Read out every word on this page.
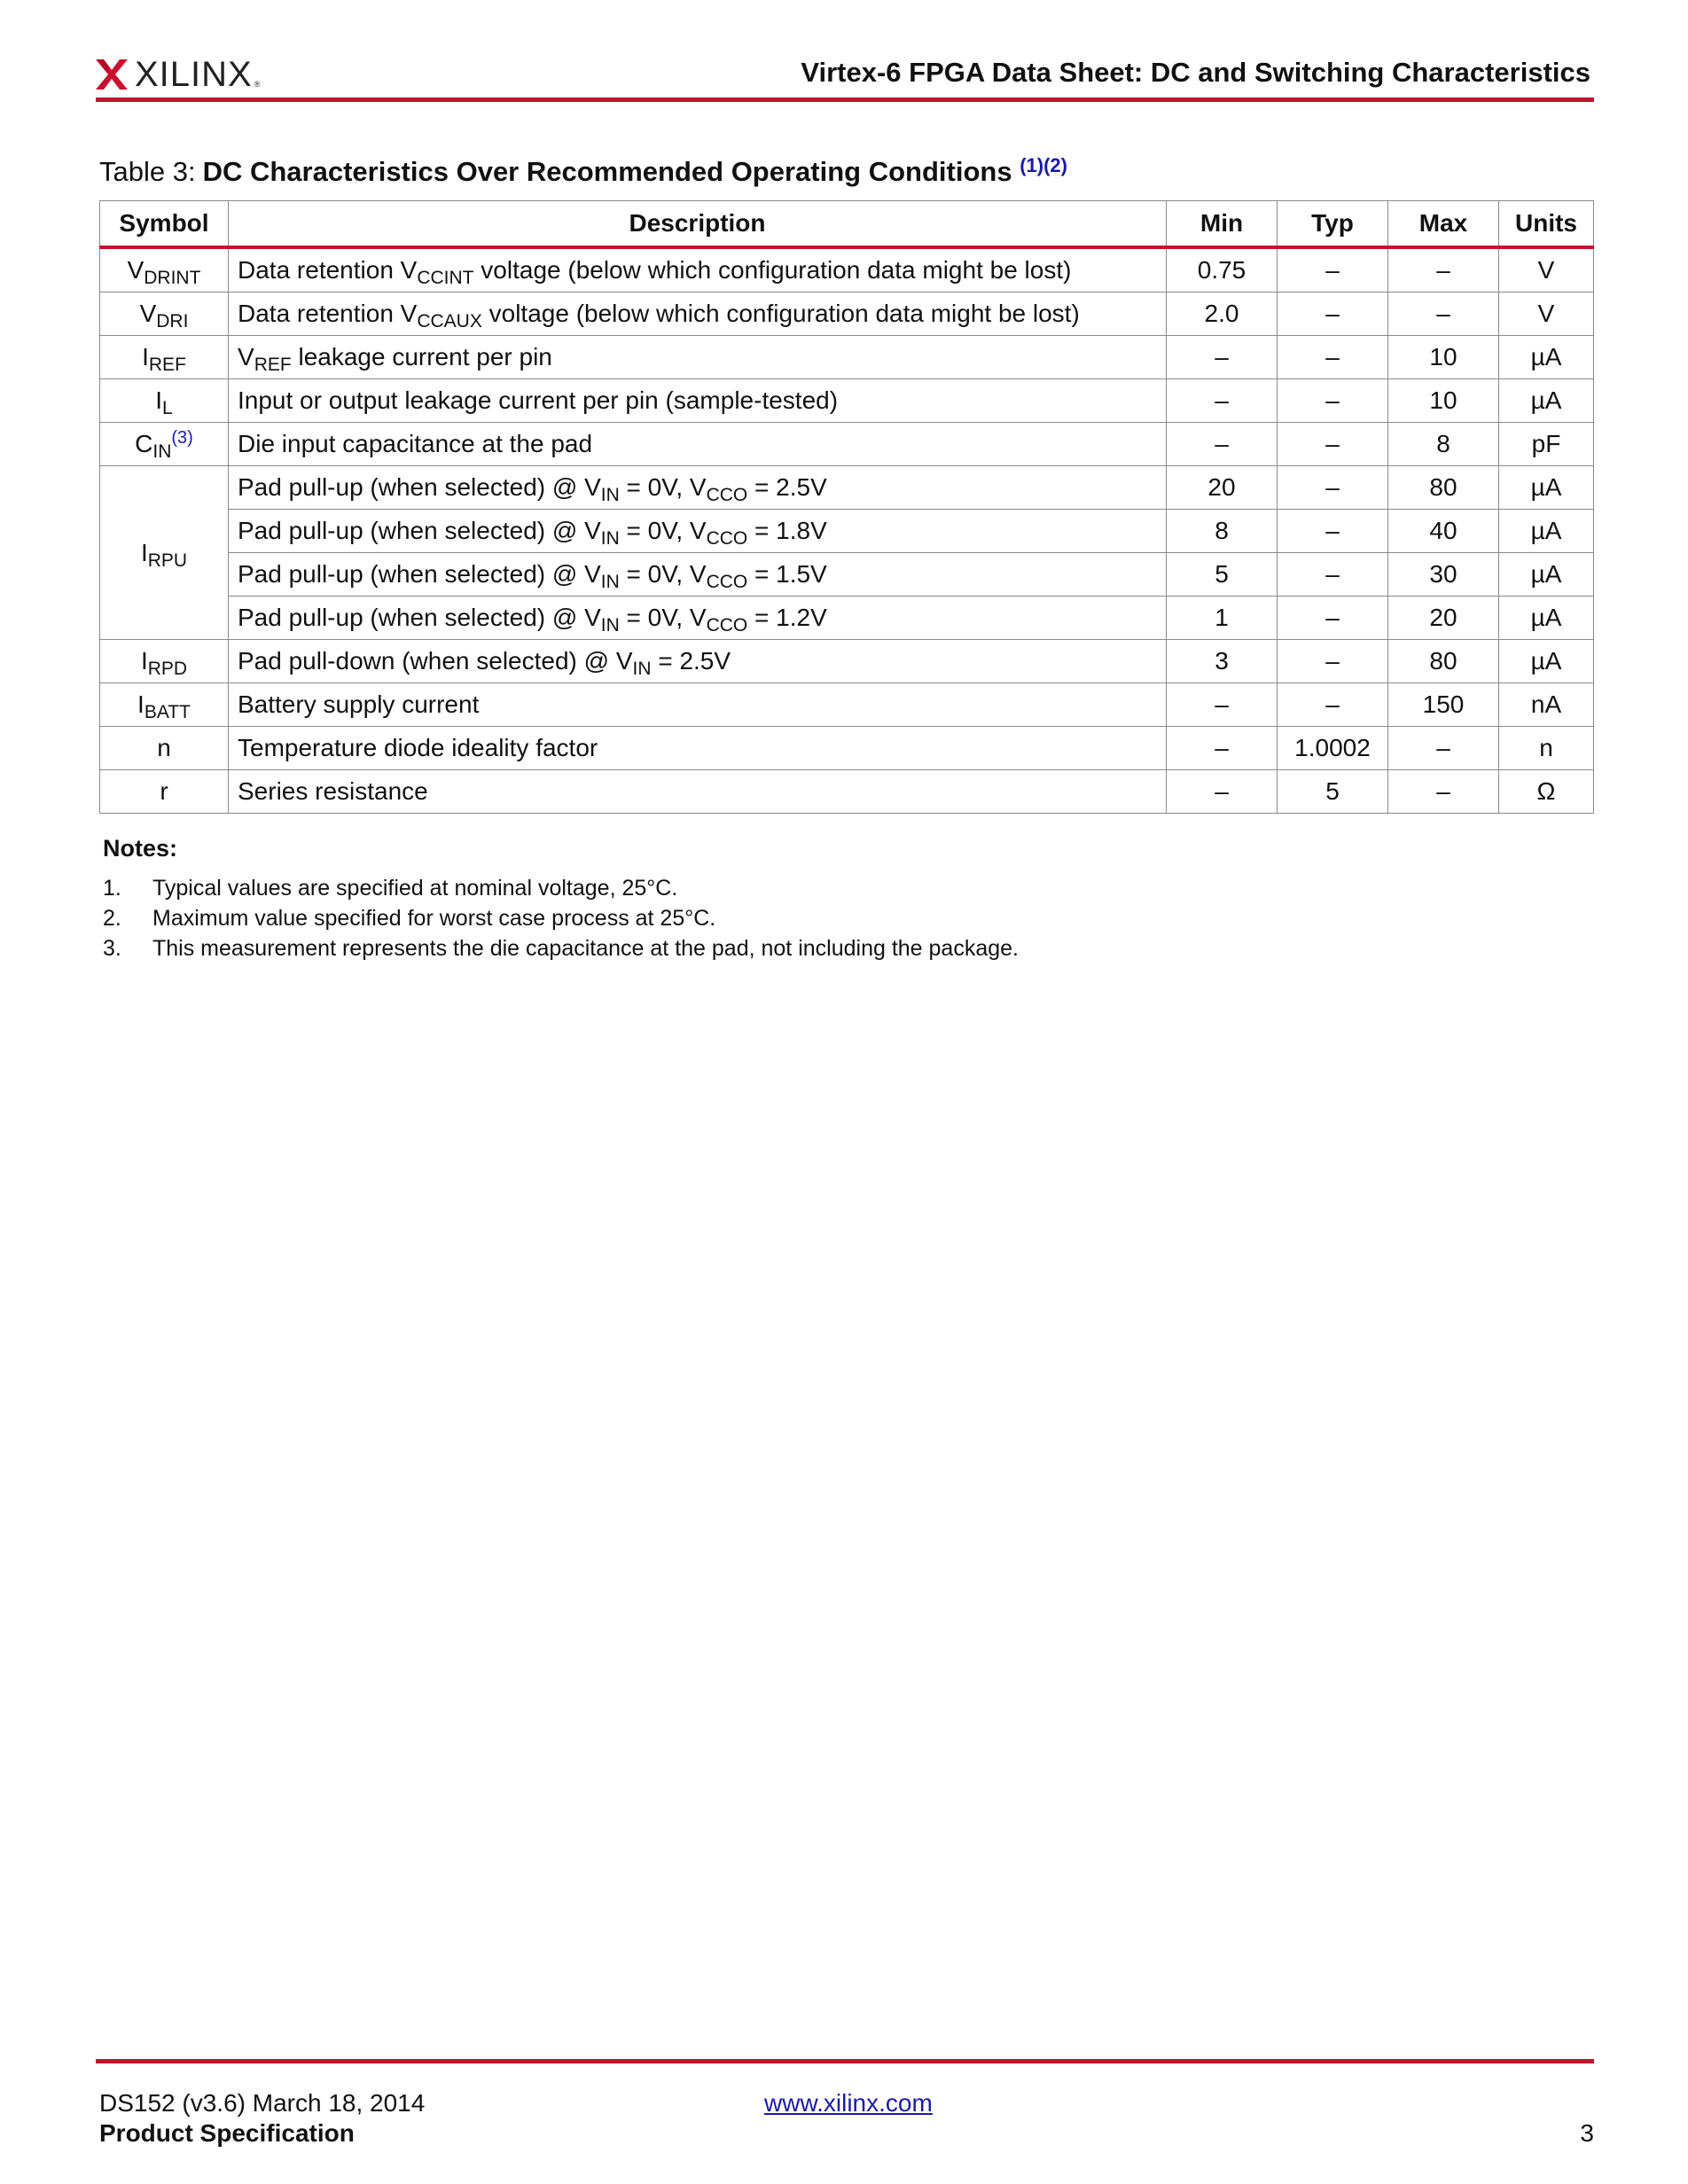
XILINX ®	Virtex-6 FPGA Data Sheet: DC and Switching Characteristics
Table 3: DC Characteristics Over Recommended Operating Conditions $^{(1)(2)}$
Symbol	Description	Min	Typ	Max	Units
$V_{DRINT}$	Data retention $V_{CCINT}$ voltage (below which configuration data might be lost)	0.75	–	–	V
$V_{DRI}$	Data retention $V_{CCAUX}$ voltage (below which configuration data might be lost)	2.0	–	–	V
$I_{REF}$	$V_{REF}$ leakage current per pin	–	–	10	µA
$I_L$	Input or output leakage current per pin (sample-tested)	–	–	10	µA
$C_{IN}^{(3)}$	Die input capacitance at the pad	–	–	8	pF
$I_{RPU}$	Pad pull-up (when selected) @ $V_{IN} = 0V$, $V_{CCO} = 2.5V$	20	–	80	µA
	Pad pull-up (when selected) @ $V_{IN} = 0V$, $V_{CCO} = 1.8V$	8	–	40	µA
	Pad pull-up (when selected) @ $V_{IN} = 0V$, $V_{CCO} = 1.5V$	5	–	30	µA
	Pad pull-up (when selected) @ $V_{IN} = 0V$, $V_{CCO} = 1.2V$	1	–	20	µA
$I_{RPD}$	Pad pull-down (when selected) @ $V_{IN} = 2.5V$	3	–	80	µA
$I_{BATT}$	Battery supply current	–	–	150	nA
n	Temperature diode ideality factor	–	1.0002	–	n
r	Series resistance	–	5	–	Ω
Notes:
1.	Typical values are specified at nominal voltage, 25°C.
2.	Maximum value specified for worst case process at 25°C.
3.	This measurement represents the die capacitance at the pad, not including the package.
DS152 (v3.6) March 18, 2014
Product Specification
www.xilinx.com
3
